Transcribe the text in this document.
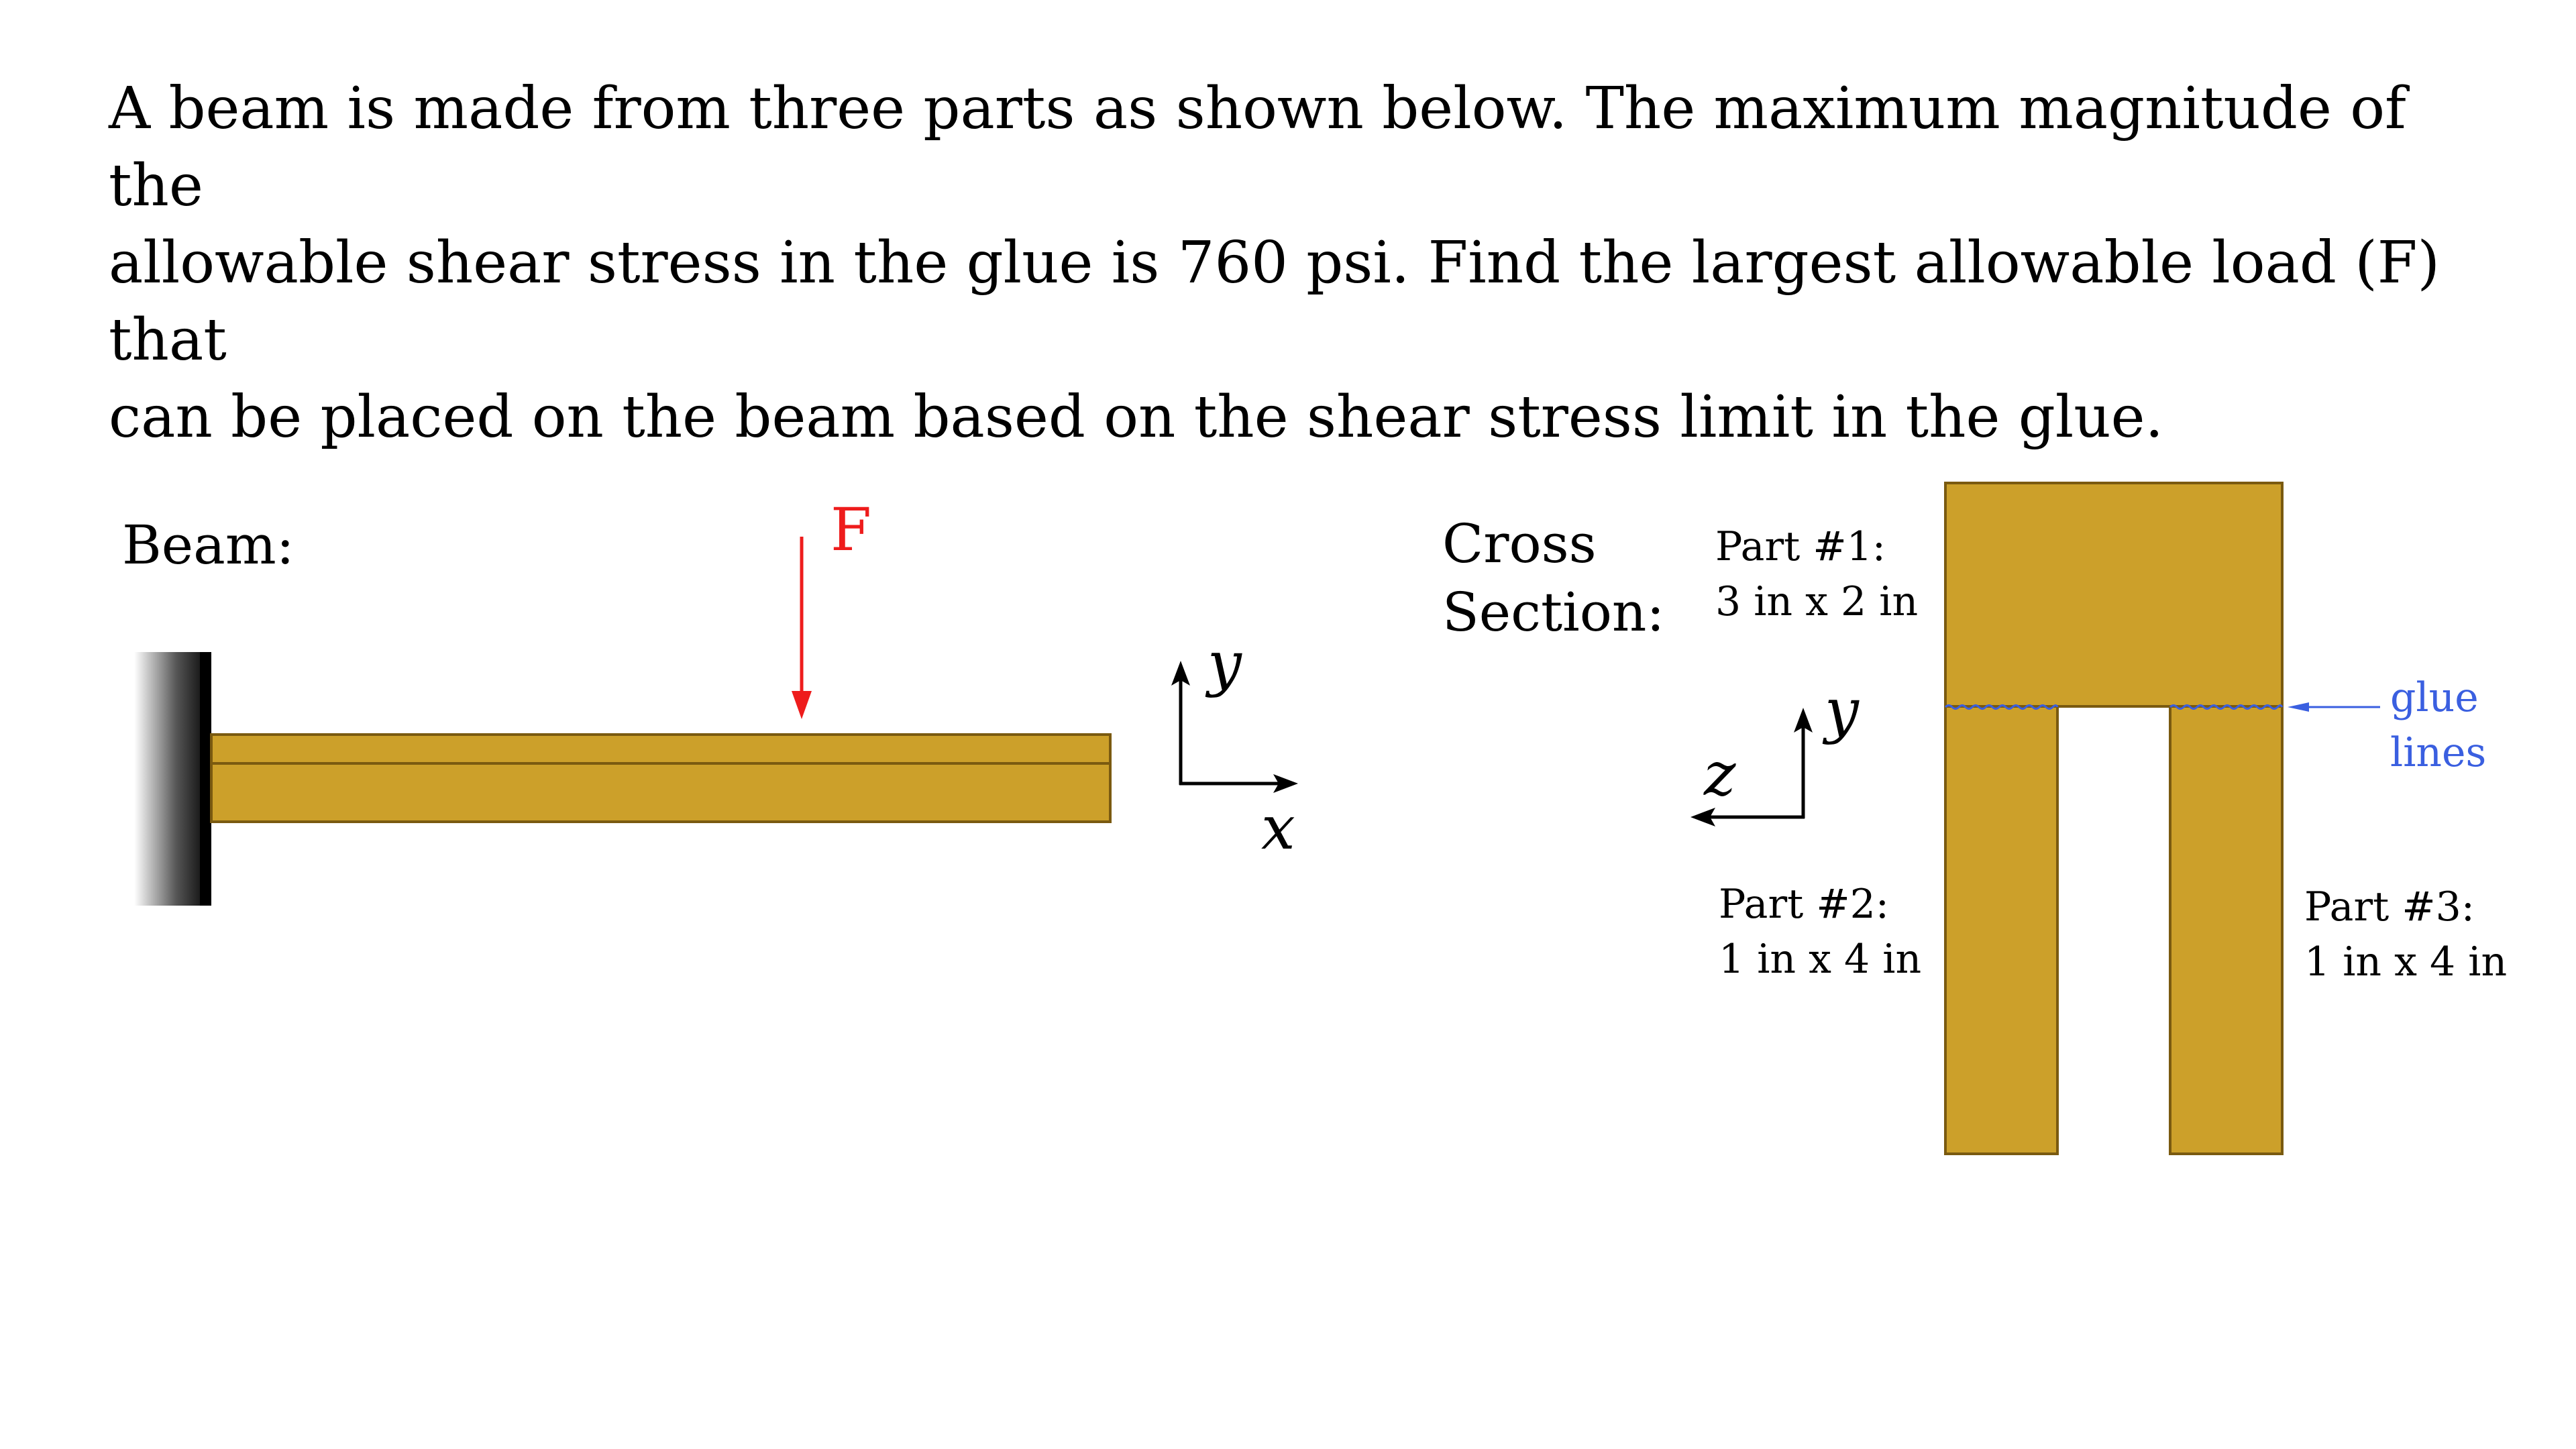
A beam is made from three parts as shown below. The maximum magnitude of the
allowable shear stress in the glue is 760 psi. Find the largest allowable load (F) that
can be placed on the beam based on the shear stress limit in the glue.
Beam:	F
y
x
Cross
Section:
Part #1:
3 in x 2 in
glue
lines
y
z
Part #2:
1 in x 4 in
Part #3:
1 in x 4 in
